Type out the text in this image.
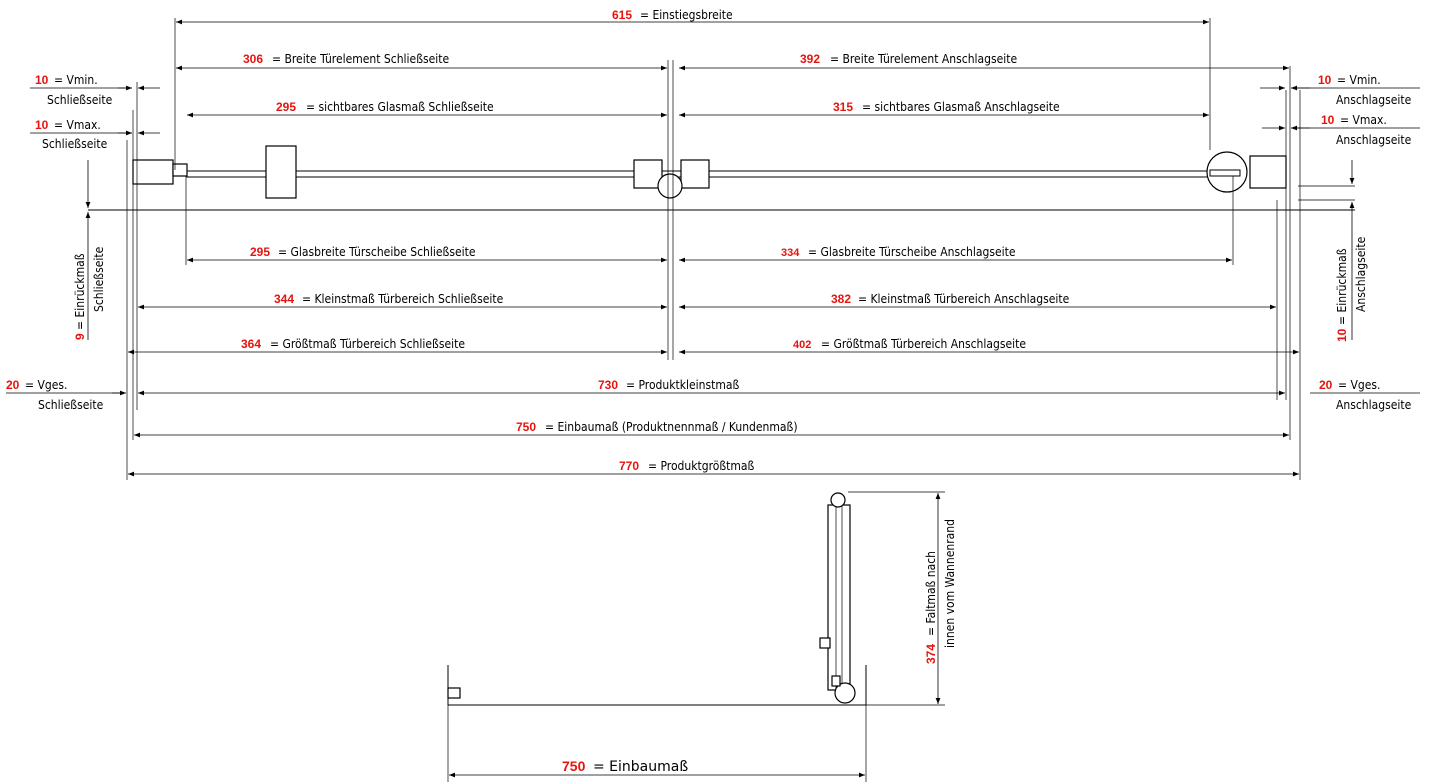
615 = Einstiegsbreite
306 = Breite Türelement Schließseite	392 = Breite Türelement Anschlagseite
295 = sichtbares Glasmaß Schließseite	315 = sichtbares Glasmaß Anschlagseite
295 = Glasbreite Türscheibe Schließseite	334 = Glasbreite Türscheibe Anschlagseite
344 = Kleinstmaß Türbereich Schließseite	382 = Kleinstmaß Türbereich Anschlagseite
364 = Größtmaß Türbereich Schließseite	402 = Größtmaß Türbereich Anschlagseite
730 = Produktkleinstmaß
750 = Einbaumaß (Produktnennmaß / Kundenmaß)
770 = Produktgrößtmaß
10 = Vmin.
Schließseite
10 = Vmax.
Schließseite
10 = Vmin.
Anschlagseite
10 = Vmax.
Anschlagseite
20 = Vges.
Schließseite
20 = Vges.
Anschlagseite
9
= Einrückmaß Schließseite
10
= Einrückmaß Anschlagseite
374
= Faltmaß nach innen vom Wannenrand
750 = Einbaumaß
